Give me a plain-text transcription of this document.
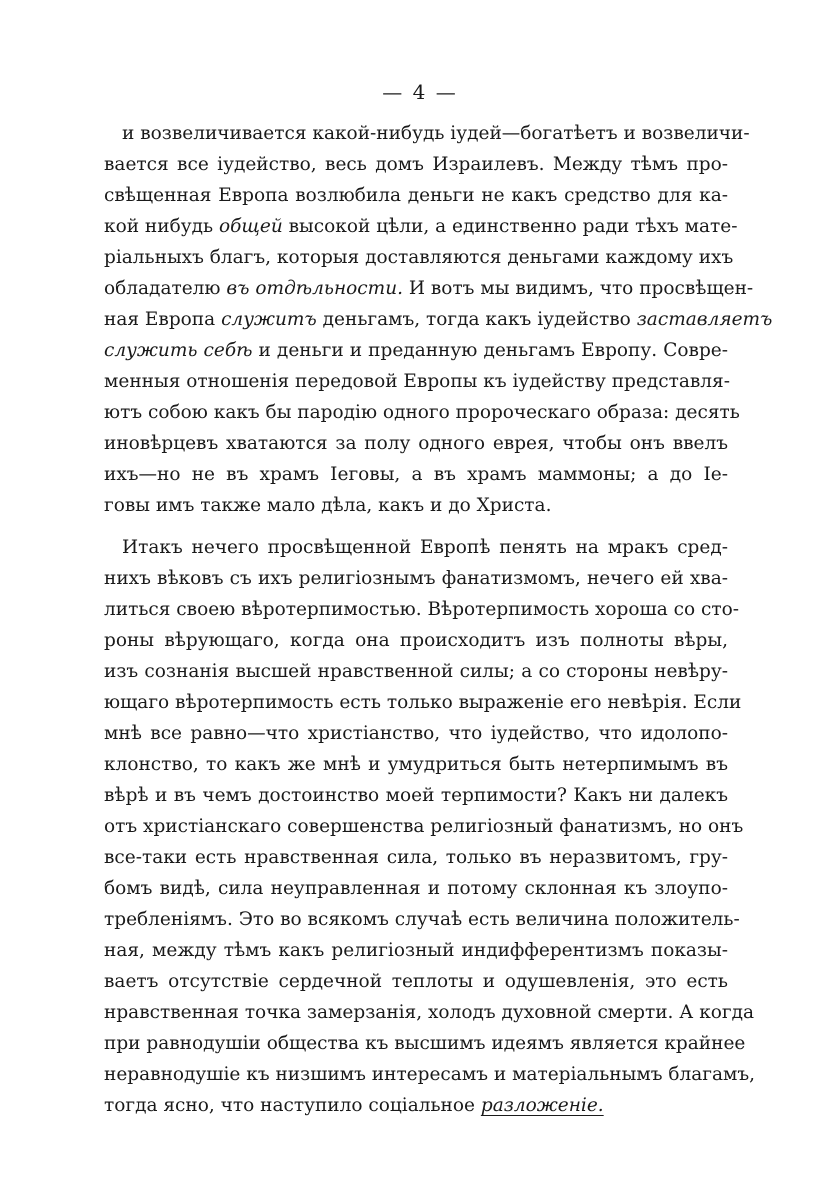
— 4 —
и возвеличивается какой-нибудь іудей—богатѣетъ и возвеличи-
вается все іудейство, весь домъ Израилевъ. Между тѣмъ про-
свѣщенная Европа возлюбила деньги не какъ средство для ка-
кой нибудь общей высокой цѣли, а единственно ради тѣхъ мате-
ріальныхъ благъ, которыя доставляются деньгами каждому ихъ
обладателю въ отдѣльности. И вотъ мы видимъ, что просвѣщен-
ная Европа служитъ деньгамъ, тогда какъ іудейство заставляетъ
служить себѣ и деньги и преданную деньгамъ Европу. Совре-
менныя отношенія передовой Европы къ іудейству представля-
ютъ собою какъ бы пародію одного пророческаго образа: десять
иновѣрцевъ хватаются за полу одного еврея, чтобы онъ ввелъ
ихъ—но не въ храмъ Іеговы, а въ храмъ маммоны; а до Іе-
говы имъ также мало дѣла, какъ и до Христа.
Итакъ нечего просвѣщенной Европѣ пенять на мракъ сред-
нихъ вѣковъ съ ихъ религіознымъ фанатизмомъ, нечего ей хва-
литься своею вѣротерпимостью. Вѣротерпимость хороша со сто-
роны вѣрующаго, когда она происходитъ изъ полноты вѣры,
изъ сознанія высшей нравственной силы; а со стороны невѣру-
ющаго вѣротерпимость есть только выраженіе его невѣрія. Если
мнѣ все равно—что христіанство, что іудейство, что идолопо-
клонство, то какъ же мнѣ и умудриться быть нетерпимымъ въ
вѣрѣ и въ чемъ достоинство моей терпимости? Какъ ни далекъ
отъ христіанскаго совершенства религіозный фанатизмъ, но онъ
все-таки есть нравственная сила, только въ неразвитомъ, гру-
бомъ видѣ, сила неуправленная и потому склонная къ злоупо-
требленіямъ. Это во всякомъ случаѣ есть величина положитель-
ная, между тѣмъ какъ религіозный индифферентизмъ показы-
ваетъ отсутствіе сердечной теплоты и одушевленія, это есть
нравственная точка замерзанія, холодъ духовной смерти. А когда
при равнодушіи общества къ высшимъ идеямъ является крайнее
неравнодушіе къ низшимъ интересамъ и матеріальнымъ благамъ,
тогда ясно, что наступило соціальное разложеніе.
